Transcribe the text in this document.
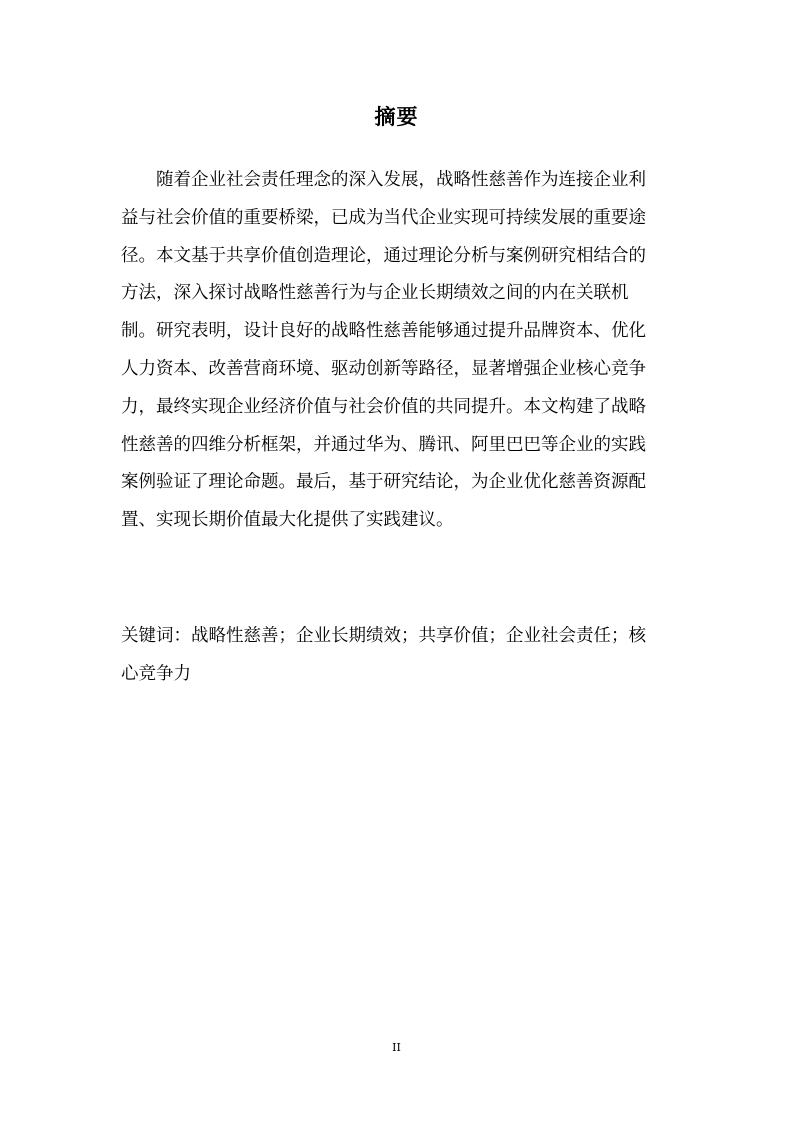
摘要
随着企业社会责任理念的深入发展，战略性慈善作为连接企业利
益与社会价值的重要桥梁，已成为当代企业实现可持续发展的重要途
径。本文基于共享价值创造理论，通过理论分析与案例研究相结合的
方法，深入探讨战略性慈善行为与企业长期绩效之间的内在关联机
制。研究表明，设计良好的战略性慈善能够通过提升品牌资本、优化
人力资本、改善营商环境、驱动创新等路径，显著增强企业核心竞争
力，最终实现企业经济价值与社会价值的共同提升。本文构建了战略
性慈善的四维分析框架，并通过华为、腾讯、阿里巴巴等企业的实践
案例验证了理论命题。最后，基于研究结论，为企业优化慈善资源配
置、实现长期价值最大化提供了实践建议。
关键词：战略性慈善；企业长期绩效；共享价值；企业社会责任；核
心竞争力
II
